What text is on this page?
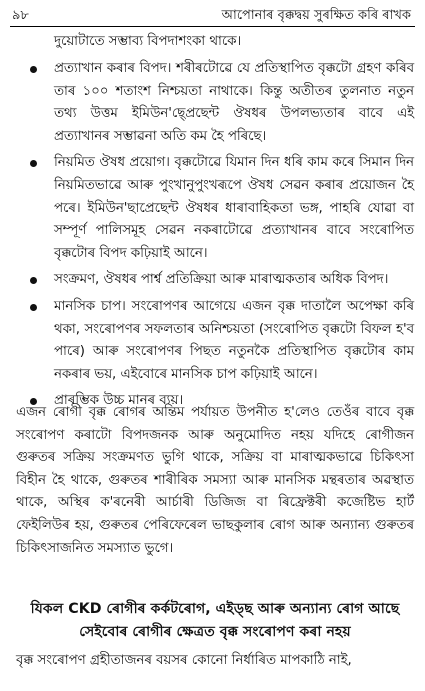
৯৮	আপোনাৰ বৃক্কদ্বয় সুৰক্ষিত কৰি ৰাখক

দুয়োটাতে সম্ভাব্য বিপদাশংকা থাকে।

প্ৰত্যাখান কৰাৰ বিপদ। শৰীৰটোৱে যে প্ৰতিস্থাপিত বৃক্কটো গ্ৰহণ কৰিব তাৰ ১০০ শতাংশ নিশ্চয়তা নাথাকে। কিন্তু অতীতৰ তুলনাত নতুন তথ্য উত্তম ইমিউন'ছ্প্ৰেছেন্ট ঔষধৰ উপলভ্যতাৰ বাবে এই প্ৰত্যাখানৰ সম্ভাৱনা অতি কম হৈ পৰিছে।
নিয়মিত ঔষধ প্ৰয়োগ। বৃক্কটোৱে যিমান দিন ধৰি কাম কৰে সিমান দিন নিয়মিতভাৱে আৰু পুংখানুপুংখৰূপে ঔষধ সেৱন কৰাৰ প্ৰয়োজন হৈ পৰে। ইমিউন'ছাপ্ৰেছেন্ট ঔষধৰ ধাৰাবাহিকতা ভঙ্গ, পাহৰি যোৱা বা সম্পূৰ্ণ পালিসমূহ সেৱন নকৰাটোৱে প্ৰত্যাখানৰ বাবে সংৰোপিত বৃক্কটোৰ বিপদ কঢ়িয়াই আনে।
সংক্ৰমণ, ঔষধৰ পাৰ্শ্ব প্ৰতিক্ৰিয়া আৰু মাৰাত্মকতাৰ অধিক বিপদ।
মানসিক চাপ। সংৰোপণৰ আগেয়ে এজন বৃক্ক দাতালৈ অপেক্ষা কৰি থকা, সংৰোপণৰ সফলতাৰ অনিশ্চয়তা (সংৰোপিত বৃক্কটো বিফল হ'ব পাৰে) আৰু সংৰোপণৰ পিছত নতুনকৈ প্ৰতিস্থাপিত বৃক্কটোৰ কাম নকৰাৰ ভয়, এইবোৰে মানসিক চাপ কঢ়িয়াই আনে।
প্ৰাৰম্ভিক উচ্চ মানৰ ব্যয়।

এজন ৰোগী বৃক্ক ৰোগৰ অন্তিম পৰ্যায়ত উপনীত হ'লেও তেওঁৰ বাবে বৃক্ক সংৰোপণ কৰাটো বিপদজনক আৰু অনুমোদিত নহয় যদিহে ৰোগীজন গুৰুতৰ সক্ৰিয় সংক্ৰমণত ভুগি থাকে, সক্ৰিয় বা মাৰাত্মকভাৱে চিকিৎসা বিহীন হৈ থাকে, গুৰুতৰ শাৰীৰিক সমস্যা আৰু মানসিক মন্থৰতাৰ অৱস্থাত থাকে, অস্থিৰ ক'ৰনেৰী আৰ্চাৰী ডিজিজ বা ৰিফ্ৰেক্টৰী কজেষ্টিভ হাৰ্ট ফেইলিউৰ হয়, গুৰুতৰ পেৰিফেৰেল ভাছকুলাৰ ৰোগ আৰু অন্যান্য গুৰুতৰ চিকিৎসাজনিত সমস্যাত ভুগে।

যিকল CKD ৰোগীৰ কৰ্কটৰোগ, এইড্ছ আৰু অন্যান্য ৰোগ আছে সেইবোৰ ৰোগীৰ ক্ষেত্ৰত বৃক্ক সংৰোপণ কৰা নহয়

বৃক্ক সংৰোপণ গ্ৰহীতাজনৰ বয়সৰ কোনো নিৰ্ধাৰিত মাপকাঠি নাই,
